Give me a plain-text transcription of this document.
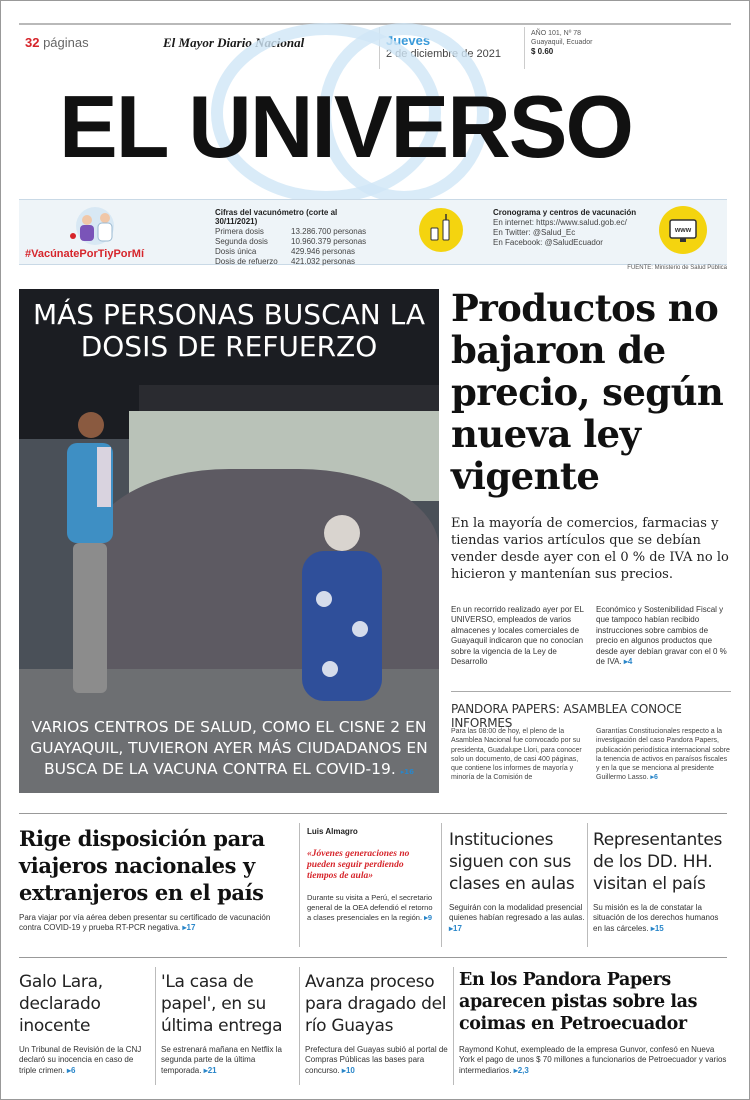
32 páginas	El Mayor Diario Nacional	Jueves
2 de diciembre de 2021
AÑO 101, Nº 78
Guayaquil, Ecuador
$ 0.60
EL UNIVERSO
#VacúnatePorTiyPorMí
Cifras del vacunómetro (corte al 30/11/2021)
Primera dosis	13.286.700 personas
Segunda dosis	10.960.379 personas
Dosis única	429.946 personas
Dosis de refuerzo	421.032 personas
Cronograma y centros de vacunación
En internet: https://www.salud.gob.ec/
En Twitter: @Salud_Ec
En Facebook: @SaludEcuador
www
FUENTE: Ministerio de Salud Pública
MÁS PERSONAS BUSCAN LA DOSIS DE REFUERZO
VARIOS CENTROS DE SALUD, COMO EL CISNE 2 EN GUAYAQUIL, TUVIERON AYER MÁS CIUDADANOS EN BUSCA DE LA VACUNA CONTRA EL COVID-19. ▸16
Productos no bajaron de precio, según nueva ley vigente
En la mayoría de comercios, farmacias y tiendas varios artículos que se debían vender desde ayer con el 0 % de IVA no lo hicieron y mantenían sus precios.

En un recorrido realizado ayer por EL UNIVERSO, empleados de varios almacenes y locales comerciales de Guayaquil indicaron que no conocían sobre la vigencia de la Ley de Desarrollo

Económico y Sostenibilidad Fiscal y que tampoco habían recibido instrucciones sobre cambios de precio en algunos productos que desde ayer debían gravar con el 0 % de IVA. ▸4

PANDORA PAPERS: ASAMBLEA CONOCE INFORMES

Para las 08:00 de hoy, el pleno de la Asamblea Nacional fue convocado por su presidenta, Guadalupe Llori, para conocer solo un documento, de casi 400 páginas, que contiene los informes de mayoría y minoría de la Comisión de

Garantías Constitucionales respecto a la investigación del caso Pandora Papers, publicación periodística internacional sobre la tenencia de activos en paraísos fiscales y en la que se menciona al presidente Guillermo Lasso. ▸6

Rige disposición para viajeros nacionales y extranjeros en el país
Para viajar por vía aérea deben presentar su certificado de vacunación contra COVID-19 y prueba RT-PCR negativa. ▸17
Luis Almagro
«Jóvenes generaciones no pueden seguir perdiendo tiempos de aula»
Durante su visita a Perú, el secretario general de la OEA defendió el retorno a clases presenciales en la región. ▸9
Instituciones siguen con sus clases en aulas
Seguirán con la modalidad presencial quienes habían regresado a las aulas. ▸17
Representantes de los DD. HH. visitan el país
Su misión es la de constatar la situación de los derechos humanos en las cárceles. ▸15
Galo Lara, declarado inocente
Un Tribunal de Revisión de la CNJ declaró su inocencia en caso de triple crimen. ▸6
'La casa de papel', en su última entrega
Se estrenará mañana en Netflix la segunda parte de la última temporada. ▸21
Avanza proceso para dragado del río Guayas
Prefectura del Guayas subió al portal de Compras Públicas las bases para concurso. ▸10
En los Pandora Papers aparecen pistas sobre las coimas en Petroecuador
Raymond Kohut, exempleado de la empresa Gunvor, confesó en Nueva York el pago de unos $ 70 millones a funcionarios de Petroecuador y varios intermediarios. ▸2,3
